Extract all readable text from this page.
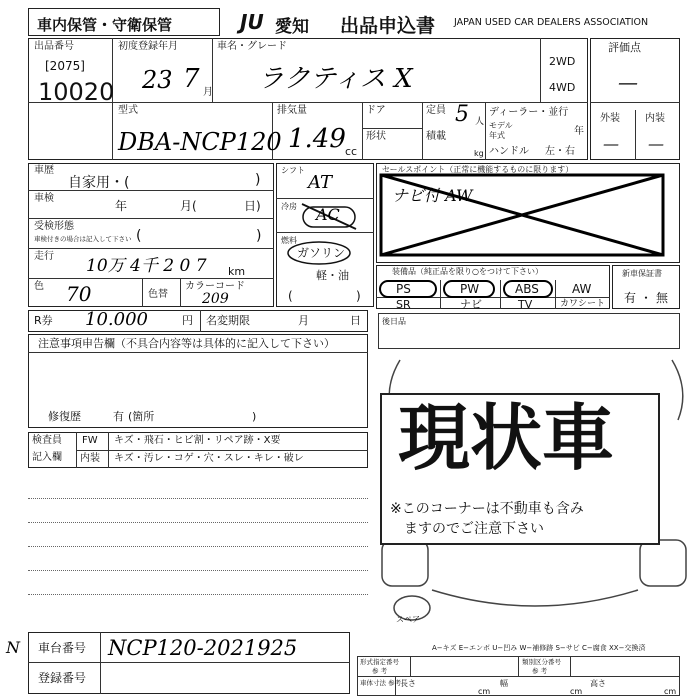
車内保管・守衛保管	JU 愛知 出品申込書 JAPAN USED CAR DEALERS ASSOCIATION
出品番号
[2075]
10020
初度登録年月
23 7 月
車名・グレード
ラクティス X
2WD
4WD
評価点
—
外装	内装
— —
型式
DBA-NCP120
排気量
1.49 cc
ドア
形状
定員 5 人
積載
kg
ディーラー・並行
モデル
年
年式
ハンドル 左・右
車歴
自家用・(	)
車検
年	月(	日)
受検形態
車検付きの場合は記入して下さい (	)
走行 10万 4千 2 0 7 km
色 70	色替
カラーコード
209
シフト
AT
冷房 AC
燃料
ガソリン
軽・油
(	)
セールスポイント（正常に機能するものに限ります）
ナビ付 AW
装備品（純正品を限り○をつけて下さい）
PS	PW	ABS	AW
SR	ナビ	TV	カワシート
新車保証書
有 ・ 無
R券 10.000	円 名変期限	月	日	後日品
注意事項申告欄（不具合内容等は具体的に記入して下さい）
修復歴	有 (箇所	)
検査員
記入欄
FW キズ・飛石・ヒビ割・リペア跡・X要
内装 キズ・汚レ・コゲ・穴・スレ・キレ・破レ
スペア
現状車
※このコーナーは不動車も含み
ますのでご注意下さい
A−キズ E−エンボ U−凹み W−補修跡 S−サビ C−腐食 XX−交換済
N 車台番号 NCP120-2021925
登録番号
形式指定番号
参 考
類別区分番号
参 考
車体寸法 参考
長さ
cm
幅
cm
高さ
cm
